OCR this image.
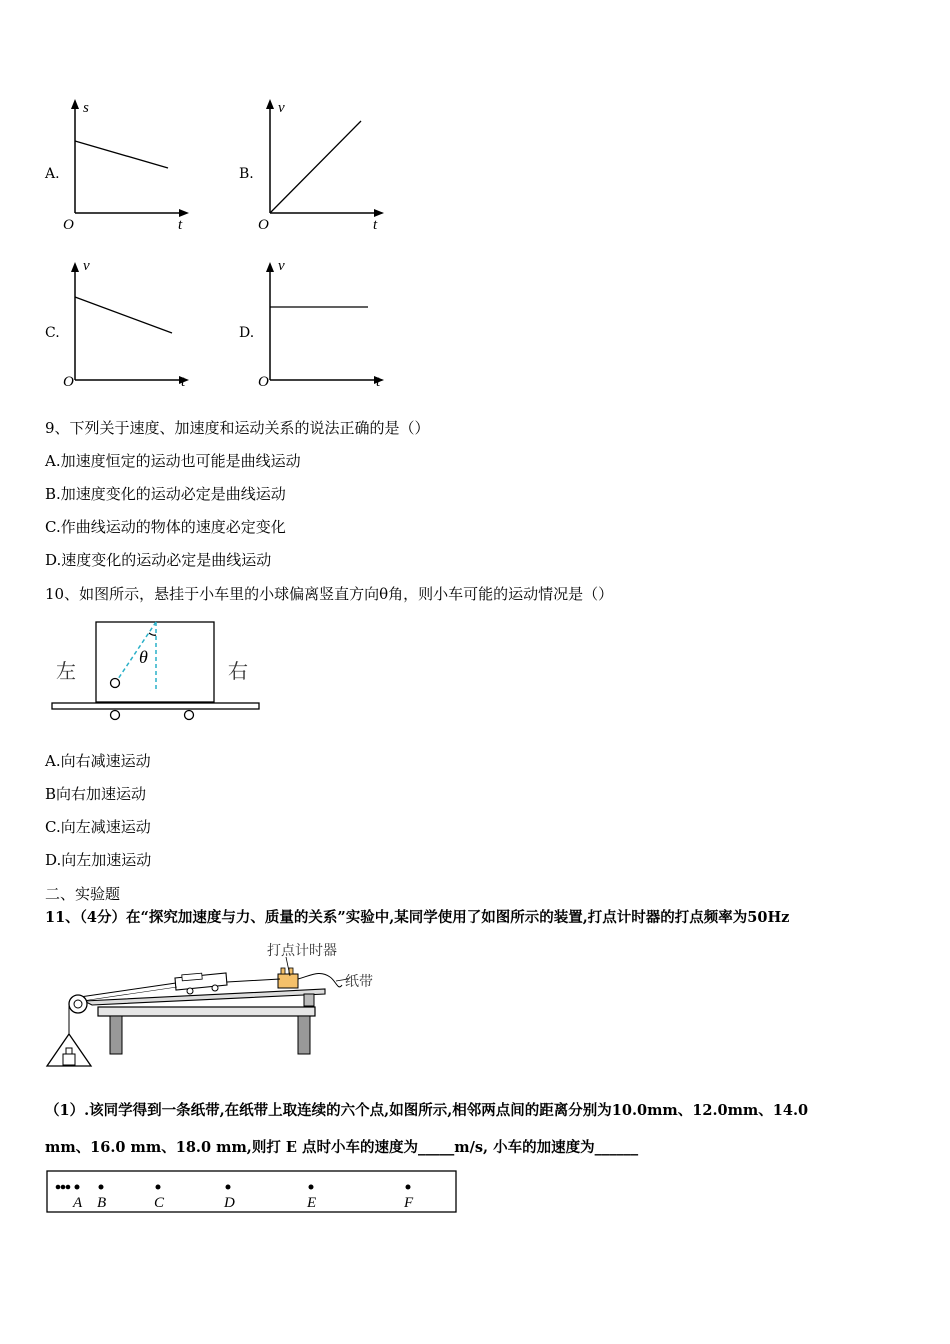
A.
s
t
O
B.
v
t
O
C.
v
t
O
D.
v
t
O
9、下列关于速度、加速度和运动关系的说法正确的是（）
A.加速度恒定的运动也可能是曲线运动
B.加速度变化的运动必定是曲线运动
C.作曲线运动的物体的速度必定变化
D.速度变化的运动必定是曲线运动
10、如图所示，悬挂于小车里的小球偏离竖直方向θ角，则小车可能的运动情况是（）
θ
左	右
A.向右减速运动
B向右加速运动
C.向左减速运动
D.向左加速运动
二、实验题
11、（4分）在“探究加速度与力、质量的关系”实验中,某同学使用了如图所示的装置,打点计时器的打点频率为50Hz
打点计时器
纸带
（1）.该同学得到一条纸带,在纸带上取连续的六个点,如图所示,相邻两点间的距离分别为10.0mm、12.0mm、14.0
mm、16.0 mm、18.0 mm,则打 E 点时小车的速度为_____m/s, 小车的加速度为______
A B	C	D	E	F
